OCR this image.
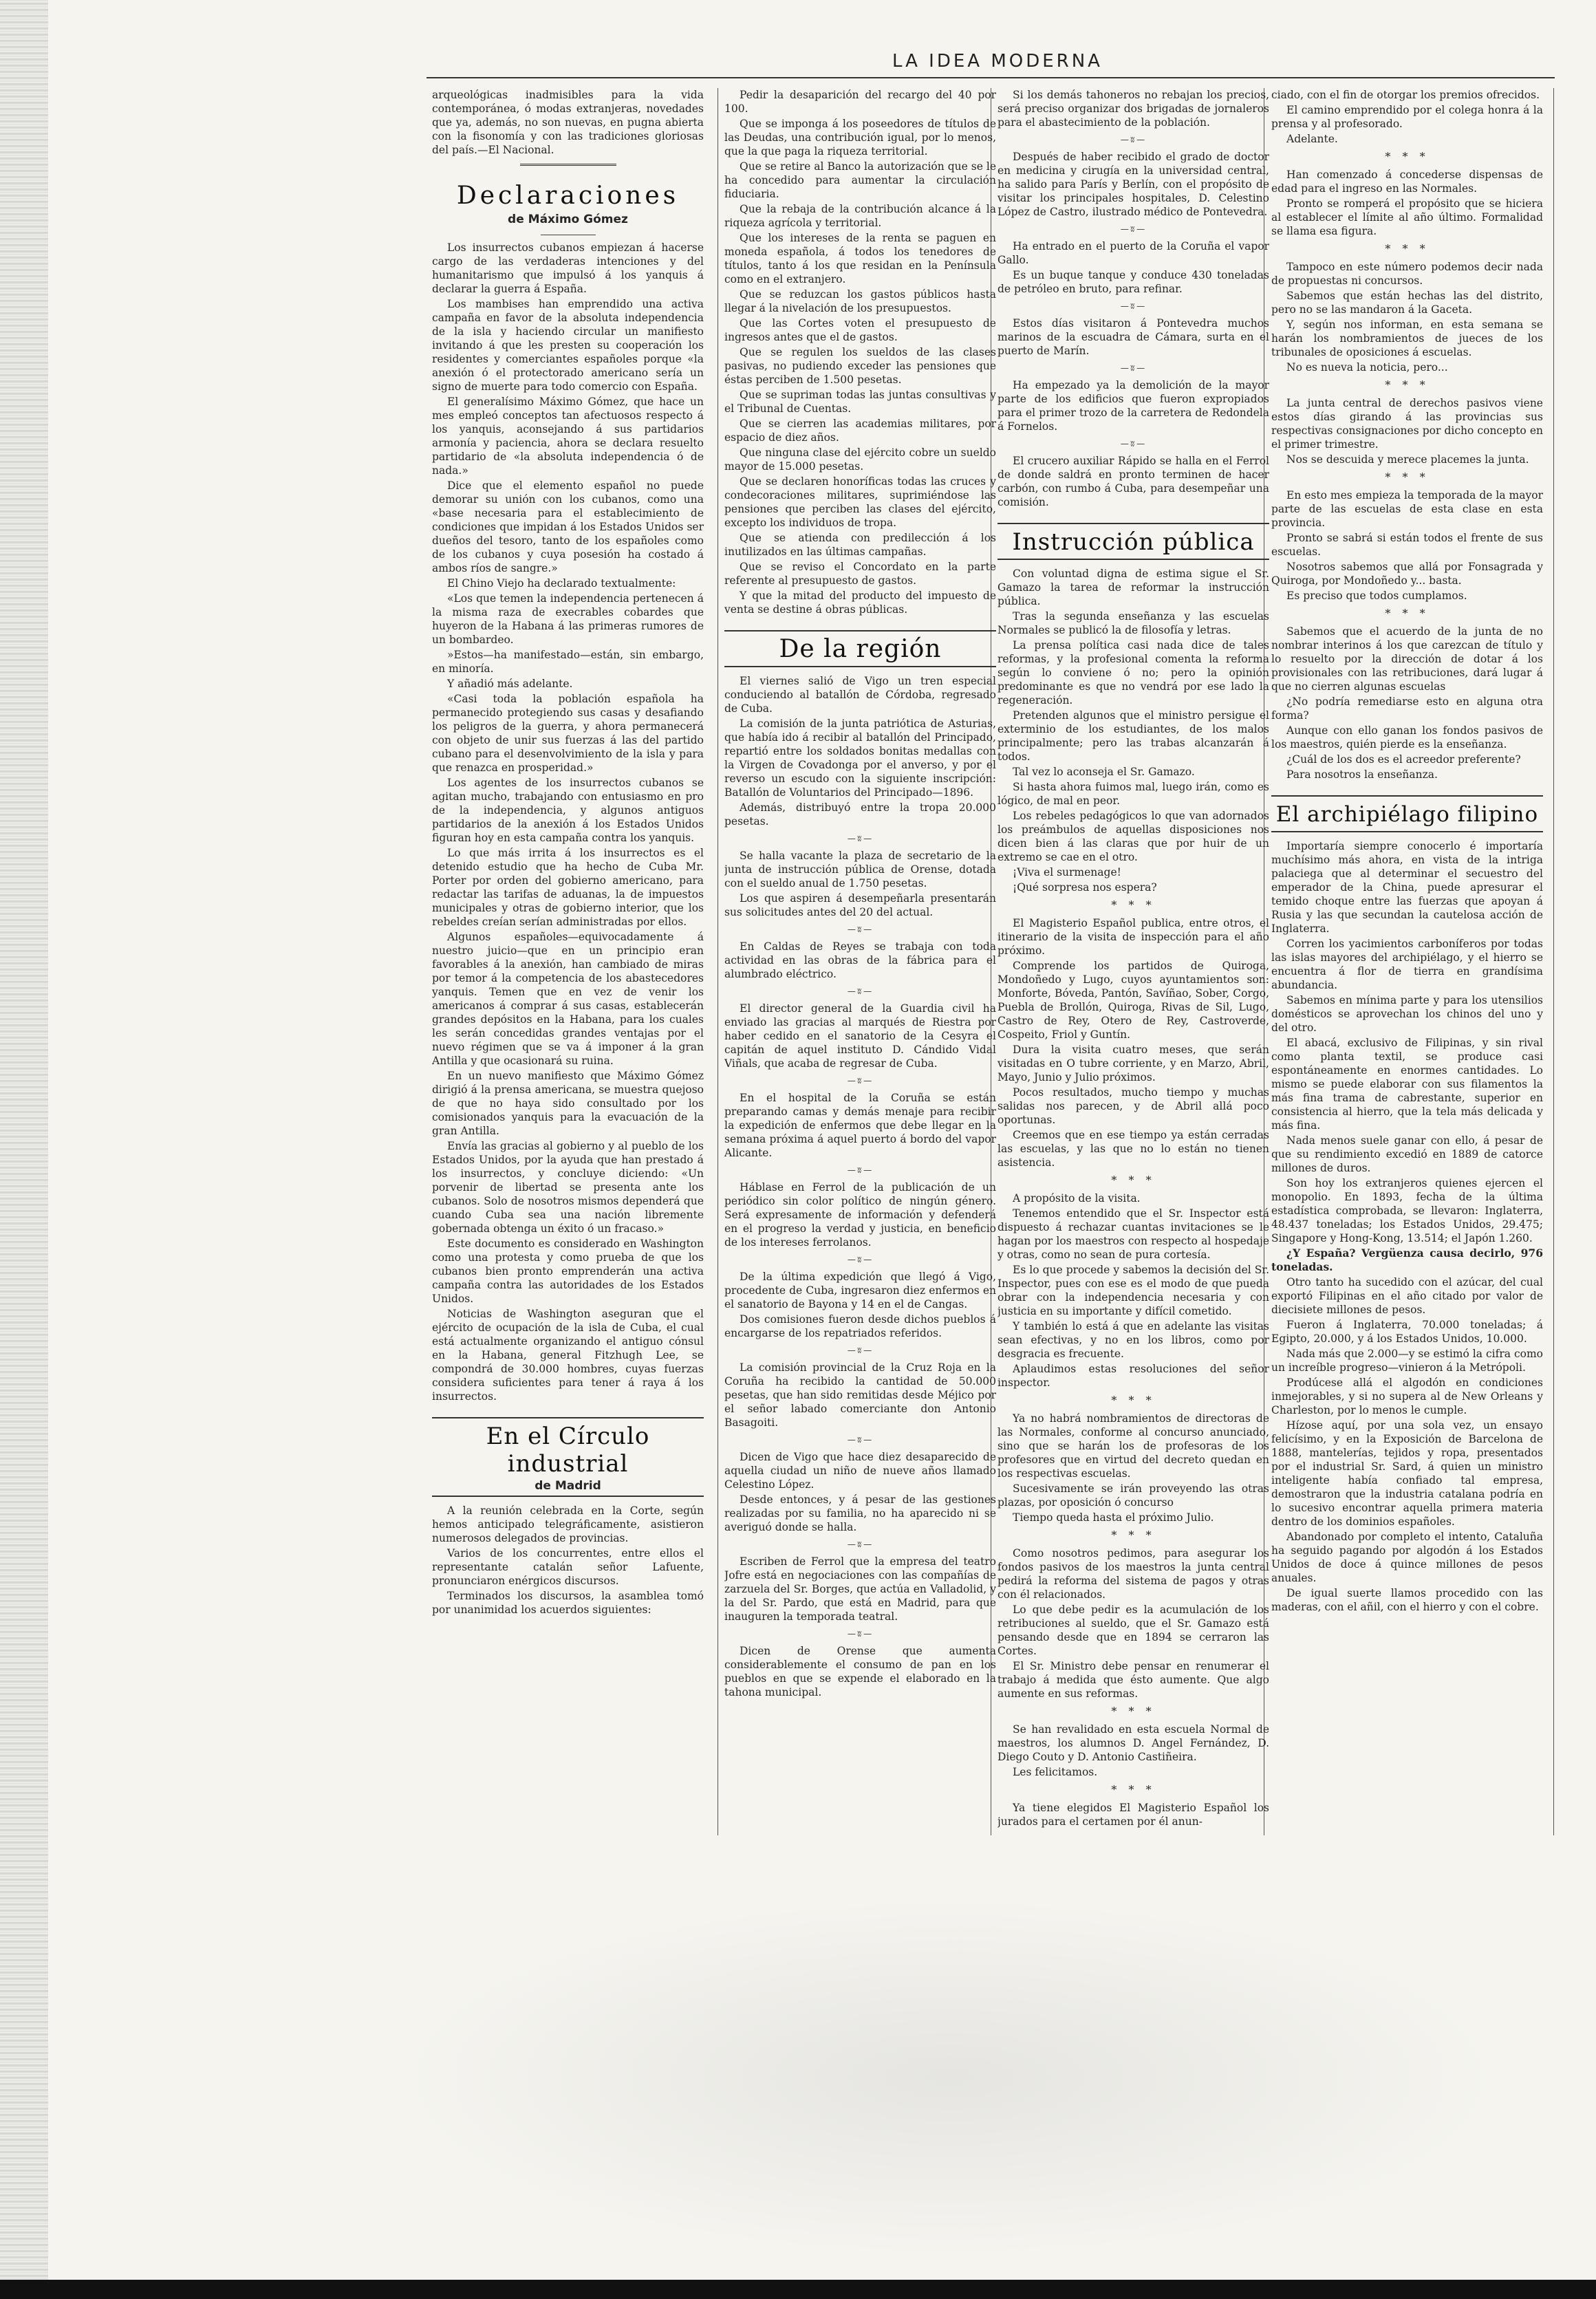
LA IDEA MODERNA

arqueológicas inadmisibles para la vida contemporánea, ó modas extranjeras, novedades que ya, además, no son nuevas, en pugna abierta con la fisonomía y con las tradiciones gloriosas del país.—El Nacional.

Declaraciones
de Máximo Gómez

Los insurrectos cubanos empiezan á hacerse cargo de las verdaderas intenciones y del humanitarismo que impulsó á los yanquis á declarar la guerra á España.

Los mambises han emprendido una activa campaña en favor de la absoluta independencia de la isla y haciendo circular un manifiesto invitando á que les presten su cooperación los residentes y comerciantes españoles porque «la anexión ó el protectorado americano sería un signo de muerte para todo comercio con España.

El generalísimo Máximo Gómez, que hace un mes empleó conceptos tan afectuosos respecto á los yanquis, aconsejando á sus partidarios armonía y paciencia, ahora se declara resuelto partidario de «la absoluta independencia ó de nada.»

Dice que el elemento español no puede demorar su unión con los cubanos, como una «base necesaria para el establecimiento de condiciones que impidan á los Estados Unidos ser dueños del tesoro, tanto de los españoles como de los cubanos y cuya posesión ha costado á ambos ríos de sangre.»

El Chino Viejo ha declarado textualmente:

«Los que temen la independencia pertenecen á la misma raza de execrables cobardes que huyeron de la Habana á las primeras rumores de un bombardeo.

»Estos—ha manifestado—están, sin embargo, en minoría.

Y añadió más adelante.

«Casi toda la población española ha permanecido protegiendo sus casas y desafiando los peligros de la guerra, y ahora permanecerá con objeto de unir sus fuerzas á las del partido cubano para el desenvolvimiento de la isla y para que renazca en prosperidad.»

Los agentes de los insurrectos cubanos se agitan mucho, trabajando con entusiasmo en pro de la independencia, y algunos antiguos partidarios de la anexión á los Estados Unidos figuran hoy en esta campaña contra los yanquis.

Lo que más irrita á los insurrectos es el detenido estudio que ha hecho de Cuba Mr. Porter por orden del gobierno americano, para redactar las tarifas de aduanas, la de impuestos municipales y otras de gobierno interior, que los rebeldes creían serían administradas por ellos.

Algunos españoles—equivocadamente á nuestro juicio—que en un principio eran favorables á la anexión, han cambiado de miras por temor á la competencia de los abastecedores yanquis. Temen que en vez de venir los americanos á comprar á sus casas, establecerán grandes depósitos en la Habana, para los cuales les serán concedidas grandes ventajas por el nuevo régimen que se va á imponer á la gran Antilla y que ocasionará su ruina.

En un nuevo manifiesto que Máximo Gómez dirigió á la prensa americana, se muestra quejoso de que no haya sido consultado por los comisionados yanquis para la evacuación de la gran Antilla.

Envía las gracias al gobierno y al pueblo de los Estados Unidos, por la ayuda que han prestado á los insurrectos, y concluye diciendo: «Un porvenir de libertad se presenta ante los cubanos. Solo de nosotros mismos dependerá que cuando Cuba sea una nación libremente gobernada obtenga un éxito ó un fracaso.»

Este documento es considerado en Washington como una protesta y como prueba de que los cubanos bien pronto emprenderán una activa campaña contra las autoridades de los Estados Unidos.

Noticias de Washington aseguran que el ejército de ocupación de la isla de Cuba, el cual está actualmente organizando el antiguo cónsul en la Habana, general Fitzhugh Lee, se compondrá de 30.000 hombres, cuyas fuerzas considera suficientes para tener á raya á los insurrectos.

En el Círculo industrial
de Madrid

A la reunión celebrada en la Corte, según hemos anticipado telegráficamente, asistieron numerosos delegados de provincias.

Varios de los concurrentes, entre ellos el representante catalán señor Lafuente, pronunciaron enérgicos discursos.

Terminados los discursos, la asamblea tomó por unanimidad los acuerdos siguientes:

Pedir la desaparición del recargo del 40 por 100.

Que se imponga á los poseedores de títulos de las Deudas, una contribución igual, por lo menos, que la que paga la riqueza territorial.

Que se retire al Banco la autorización que se le ha concedido para aumentar la circulación fiduciaria.

Que la rebaja de la contribución alcance á la riqueza agrícola y territorial.

Que los intereses de la renta se paguen en moneda española, á todos los tenedores de títulos, tanto á los que residan en la Península como en el extranjero.

Que se reduzcan los gastos públicos hasta llegar á la nivelación de los presupuestos.

Que las Cortes voten el presupuesto de ingresos antes que el de gastos.

Que se regulen los sueldos de las clases pasivas, no pudiendo exceder las pensiones que éstas perciben de 1.500 pesetas.

Que se supriman todas las juntas consultivas y el Tribunal de Cuentas.

Que se cierren las academias militares, por espacio de diez años.

Que ninguna clase del ejército cobre un sueldo mayor de 15.000 pesetas.

Que se declaren honoríficas todas las cruces y condecoraciones militares, suprimiéndose las pensiones que perciben las clases del ejército, excepto los individuos de tropa.

Que se atienda con predilección á los inutilizados en las últimas campañas.

Que se reviso el Concordato en la parte referente al presupuesto de gastos.

Y que la mitad del producto del impuesto de venta se destine á obras públicas.

De la región

El viernes salió de Vigo un tren especial conduciendo al batallón de Córdoba, regresado de Cuba.

La comisión de la junta patriótica de Asturias, que había ido á recibir al batallón del Principado, repartió entre los soldados bonitas medallas con la Virgen de Covadonga por el anverso, y por el reverso un escudo con la siguiente inscripción: Batallón de Voluntarios del Principado—1896.

Además, distribuyó entre la tropa 20.000 pesetas.

—ʬ—

Se halla vacante la plaza de secretario de la junta de instrucción pública de Orense, dotada con el sueldo anual de 1.750 pesetas.

Los que aspiren á desempeñarla presentarán sus solicitudes antes del 20 del actual.

—ʬ—

En Caldas de Reyes se trabaja con toda actividad en las obras de la fábrica para el alumbrado eléctrico.

—ʬ—

El director general de la Guardia civil ha enviado las gracias al marqués de Riestra por haber cedido en el sanatorio de la Cesyra el capitán de aquel instituto D. Cándido Vidal Viñals, que acaba de regresar de Cuba.

—ʬ—

En el hospital de la Coruña se están preparando camas y demás menaje para recibir la expedición de enfermos que debe llegar en la semana próxima á aquel puerto á bordo del vapor Alicante.

—ʬ—

Háblase en Ferrol de la publicación de un periódico sin color político de ningún género. Será expresamente de información y defenderá en el progreso la verdad y justicia, en beneficio de los intereses ferrolanos.

—ʬ—

De la última expedición que llegó á Vigo, procedente de Cuba, ingresaron diez enfermos en el sanatorio de Bayona y 14 en el de Cangas.

Dos comisiones fueron desde dichos pueblos á encargarse de los repatriados referidos.

—ʬ—

La comisión provincial de la Cruz Roja en la Coruña ha recibido la cantidad de 50.000 pesetas, que han sido remitidas desde Méjico por el señor labado comerciante don Antonio Basagoiti.

—ʬ—

Dicen de Vigo que hace diez desaparecido de aquella ciudad un niño de nueve años llamado Celestino López.

Desde entonces, y á pesar de las gestiones realizadas por su familia, no ha aparecido ni se averiguó donde se halla.

—ʬ—

Escriben de Ferrol que la empresa del teatro Jofre está en negociaciones con las compañías de zarzuela del Sr. Borges, que actúa en Valladolid, y la del Sr. Pardo, que está en Madrid, para que inauguren la temporada teatral.

—ʬ—

Dicen de Orense que aumenta considerablemente el consumo de pan en los pueblos en que se expende el elaborado en la tahona municipal.

Si los demás tahoneros no rebajan los precios, será preciso organizar dos brigadas de jornaleros para el abastecimiento de la población.

—ʬ—

Después de haber recibido el grado de doctor en medicina y cirugía en la universidad central, ha salido para París y Berlín, con el propósito de visitar los principales hospitales, D. Celestino López de Castro, ilustrado médico de Pontevedra.

—ʬ—

Ha entrado en el puerto de la Coruña el vapor Gallo.

Es un buque tanque y conduce 430 toneladas de petróleo en bruto, para refinar.

—ʬ—

Estos días visitaron á Pontevedra muchos marinos de la escuadra de Cámara, surta en el puerto de Marín.

—ʬ—

Ha empezado ya la demolición de la mayor parte de los edificios que fueron expropiados para el primer trozo de la carretera de Redondela á Fornelos.

—ʬ—

El crucero auxiliar Rápido se halla en el Ferrol de donde saldrá en pronto terminen de hacer carbón, con rumbo á Cuba, para desempeñar una comisión.

Instrucción pública

Con voluntad digna de estima sigue el Sr. Gamazo la tarea de reformar la instrucción pública.

Tras la segunda enseñanza y las escuelas Normales se publicó la de filosofía y letras.

La prensa política casi nada dice de tales reformas, y la profesional comenta la reforma según lo conviene ó no; pero la opinión predominante es que no vendrá por ese lado la regeneración.

Pretenden algunos que el ministro persigue el exterminio de los estudiantes, de los malos principalmente; pero las trabas alcanzarán á todos.

Tal vez lo aconseja el Sr. Gamazo.

Si hasta ahora fuimos mal, luego irán, como es lógico, de mal en peor.

Los rebeles pedagógicos lo que van adornados los preámbulos de aquellas disposiciones nos dicen bien á las claras que por huir de un extremo se cae en el otro.

¡Viva el surmenage!

¡Qué sorpresa nos espera?

* * *

El Magisterio Español publica, entre otros, el itinerario de la visita de inspección para el año próximo.

Comprende los partidos de Quiroga, Mondoñedo y Lugo, cuyos ayuntamientos son: Monforte, Bóveda, Pantón, Savíñao, Sober, Corgo, Puebla de Brollón, Quiroga, Rivas de Sil, Lugo, Castro de Rey, Otero de Rey, Castroverde, Cospeito, Friol y Guntín.

Dura la visita cuatro meses, que serán visitadas en O tubre corriente, y en Marzo, Abril, Mayo, Junio y Julio próximos.

Pocos resultados, mucho tiempo y muchas salidas nos parecen, y de Abril allá poco oportunas.

Creemos que en ese tiempo ya están cerradas las escuelas, y las que no lo están no tienen asistencia.

* * *

A propósito de la visita.

Tenemos entendido que el Sr. Inspector está dispuesto á rechazar cuantas invitaciones se le hagan por los maestros con respecto al hospedaje y otras, como no sean de pura cortesía.

Es lo que procede y sabemos la decisión del Sr. Inspector, pues con ese es el modo de que pueda obrar con la independencia necesaria y con justicia en su importante y difícil cometido.

Y también lo está á que en adelante las visitas sean efectivas, y no en los libros, como por desgracia es frecuente.

Aplaudimos estas resoluciones del señor inspector.

* * *

Ya no habrá nombramientos de directoras de las Normales, conforme al concurso anunciado, sino que se harán los de profesoras de los profesores que en virtud del decreto quedan en los respectivas escuelas.

Sucesivamente se irán proveyendo las otras plazas, por oposición ó concurso

Tiempo queda hasta el próximo Julio.

* * *

Como nosotros pedimos, para asegurar los fondos pasivos de los maestros la junta central pedirá la reforma del sistema de pagos y otras con él relacionados.

Lo que debe pedir es la acumulación de los retribuciones al sueldo, que el Sr. Gamazo está pensando desde que en 1894 se cerraron las Cortes.

El Sr. Ministro debe pensar en renumerar el trabajo á medida que ésto aumente. Que algo aumente en sus reformas.

* * *

Se han revalidado en esta escuela Normal de maestros, los alumnos D. Angel Fernández, D. Diego Couto y D. Antonio Castiñeira.

Les felicitamos.

* * *

Ya tiene elegidos El Magisterio Español los jurados para el certamen por él anun-

ciado, con el fin de otorgar los premios ofrecidos.

El camino emprendido por el colega honra á la prensa y al profesorado.

Adelante.

* * *

Han comenzado á concederse dispensas de edad para el ingreso en las Normales.

Pronto se romperá el propósito que se hiciera al establecer el límite al año último. Formalidad se llama esa figura.

* * *

Tampoco en este número podemos decir nada de propuestas ni concursos.

Sabemos que están hechas las del distrito, pero no se las mandaron á la Gaceta.

Y, según nos informan, en esta semana se harán los nombramientos de jueces de los tribunales de oposiciones á escuelas.

No es nueva la noticia, pero...

* * *

La junta central de derechos pasivos viene estos días girando á las provincias sus respectivas consignaciones por dicho concepto en el primer trimestre.

Nos se descuida y merece placemes la junta.

* * *

En esto mes empieza la temporada de la mayor parte de las escuelas de esta clase en esta provincia.

Pronto se sabrá si están todos el frente de sus escuelas.

Nosotros sabemos que allá por Fonsagrada y Quiroga, por Mondoñedo y... basta.

Es preciso que todos cumplamos.

* * *

Sabemos que el acuerdo de la junta de no nombrar interinos á los que carezcan de título y lo resuelto por la dirección de dotar á los provisionales con las retribuciones, dará lugar á que no cierren algunas escuelas

¿No podría remediarse esto en alguna otra forma?

Aunque con ello ganan los fondos pasivos de los maestros, quién pierde es la enseñanza.

¿Cuál de los dos es el acreedor preferente?

Para nosotros la enseñanza.

El archipiélago filipino

Importaría siempre conocerlo é importaría muchísimo más ahora, en vista de la intriga palaciega que al determinar el secuestro del emperador de la China, puede apresurar el temido choque entre las fuerzas que apoyan á Rusia y las que secundan la cautelosa acción de Inglaterra.

Corren los yacimientos carboníferos por todas las islas mayores del archipiélago, y el hierro se encuentra á flor de tierra en grandísima abundancia.

Sabemos en mínima parte y para los utensilios domésticos se aprovechan los chinos del uno y del otro.

El abacá, exclusivo de Filipinas, y sin rival como planta textil, se produce casi espontáneamente en enormes cantidades. Lo mismo se puede elaborar con sus filamentos la más fina trama de cabrestante, superior en consistencia al hierro, que la tela más delicada y más fina.

Nada menos suele ganar con ello, á pesar de que su rendimiento excedió en 1889 de catorce millones de duros.

Son hoy los extranjeros quienes ejercen el monopolio. En 1893, fecha de la última estadística comprobada, se llevaron: Inglaterra, 48.437 toneladas; los Estados Unidos, 29.475; Singapore y Hong-Kong, 13.514; el Japón 1.260.

¿Y España? Vergüenza causa decirlo, 976 toneladas.

Otro tanto ha sucedido con el azúcar, del cual exportó Filipinas en el año citado por valor de diecisiete millones de pesos.

Fueron á Inglaterra, 70.000 toneladas; á Egipto, 20.000, y á los Estados Unidos, 10.000.

Nada más que 2.000—y se estimó la cifra como un increíble progreso—vinieron á la Metrópoli.

Prodúcese allá el algodón en condiciones inmejorables, y si no supera al de New Orleans y Charleston, por lo menos le cumple.

Hízose aquí, por una sola vez, un ensayo felicísimo, y en la Exposición de Barcelona de 1888, mantelerías, tejidos y ropa, presentados por el industrial Sr. Sard, á quien un ministro inteligente había confiado tal empresa, demostraron que la industria catalana podría en lo sucesivo encontrar aquella primera materia dentro de los dominios españoles.

Abandonado por completo el intento, Cataluña ha seguido pagando por algodón á los Estados Unidos de doce á quince millones de pesos anuales.

De igual suerte llamos procedido con las maderas, con el añil, con el hierro y con el cobre.
